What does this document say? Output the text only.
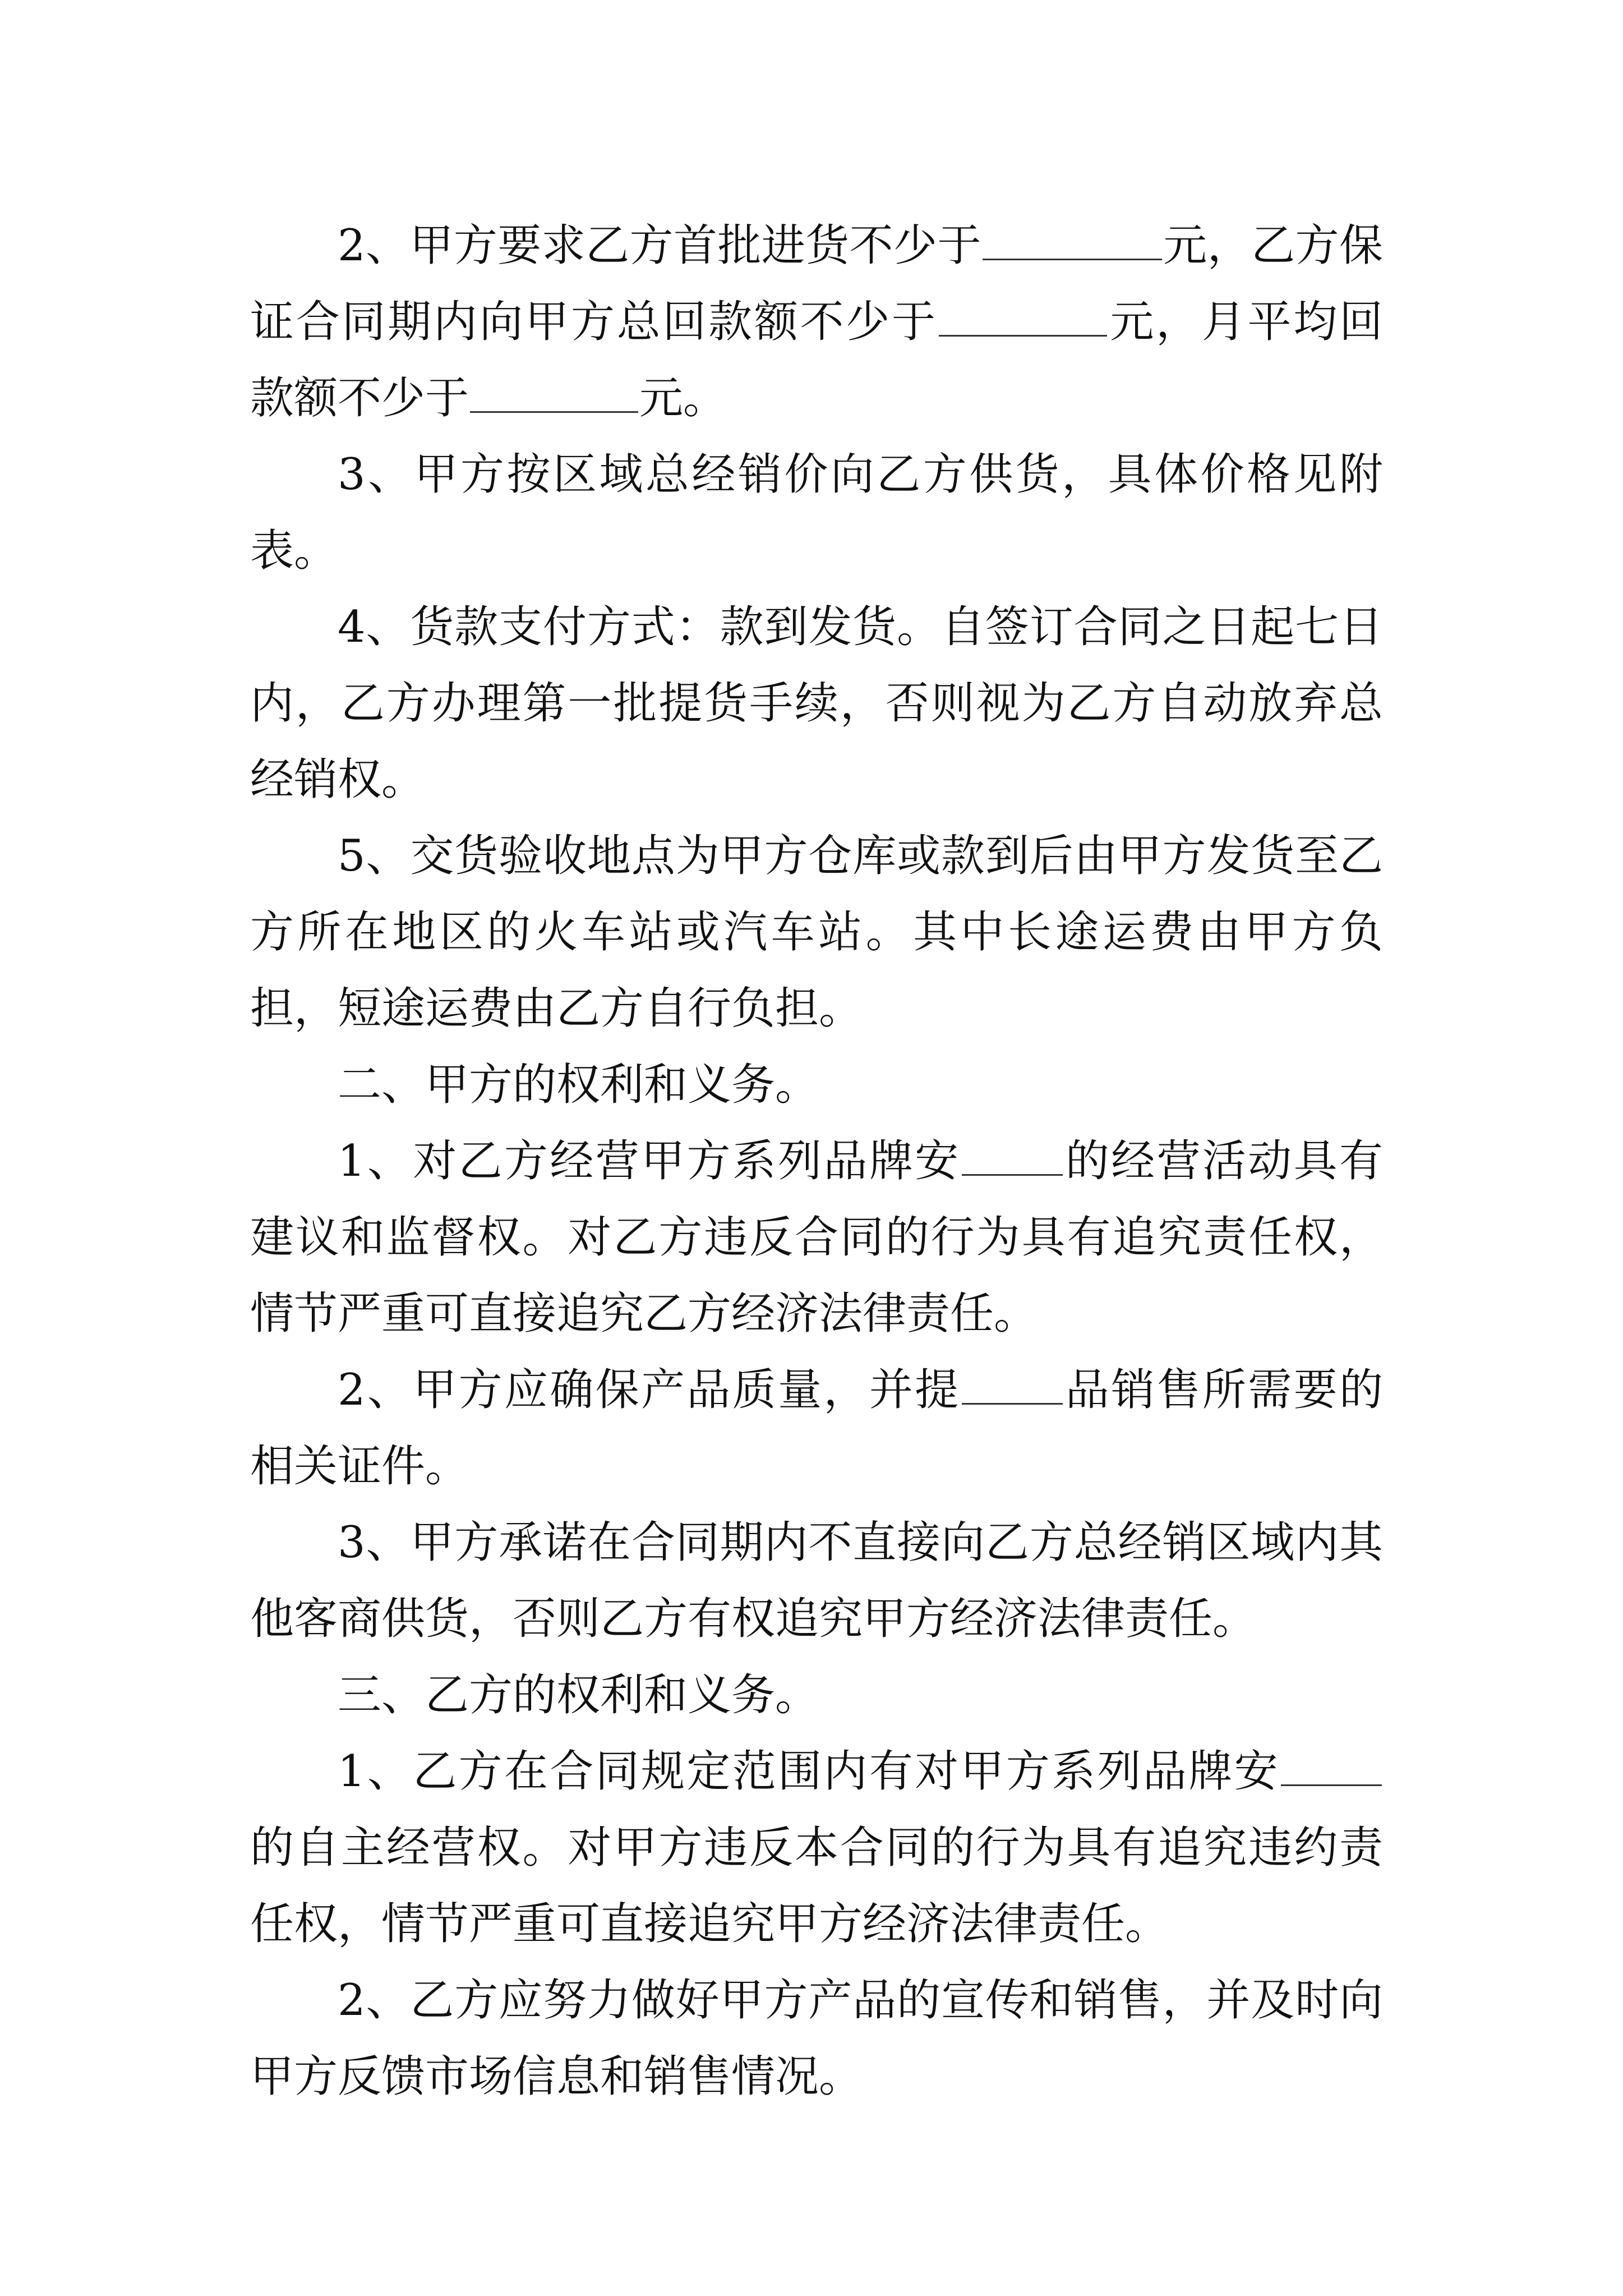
2、甲方要求乙方首批进货不少于	元，乙方保证合同期内向甲方总回款额不少于	元，月平均回款额不少于	元。

3、甲方按区域总经销价向乙方供货，具体价格见附表。

4、货款支付方式：款到发货。自签订合同之日起七日内，乙方办理第一批提货手续，否则视为乙方自动放弃总经销权。

5、交货验收地点为甲方仓库或款到后由甲方发货至乙方所在地区的火车站或汽车站。其中长途运费由甲方负担，短途运费由乙方自行负担。

二、甲方的权利和义务。

1、对乙方经营甲方系列品牌安 的经营活动具有建议和监督权。对乙方违反合同的行为具有追究责任权，情节严重可直接追究乙方经济法律责任。

2、甲方应确保产品质量，并提 品销售所需要的相关证件。

3、甲方承诺在合同期内不直接向乙方总经销区域内其他客商供货，否则乙方有权追究甲方经济法律责任。

三、乙方的权利和义务。

1、乙方在合同规定范围内有对甲方系列品牌安的自主经营权。对甲方违反本合同的行为具有追究违约责任权，情节严重可直接追究甲方经济法律责任。

2、乙方应努力做好甲方产品的宣传和销售，并及时向甲方反馈市场信息和销售情况。
